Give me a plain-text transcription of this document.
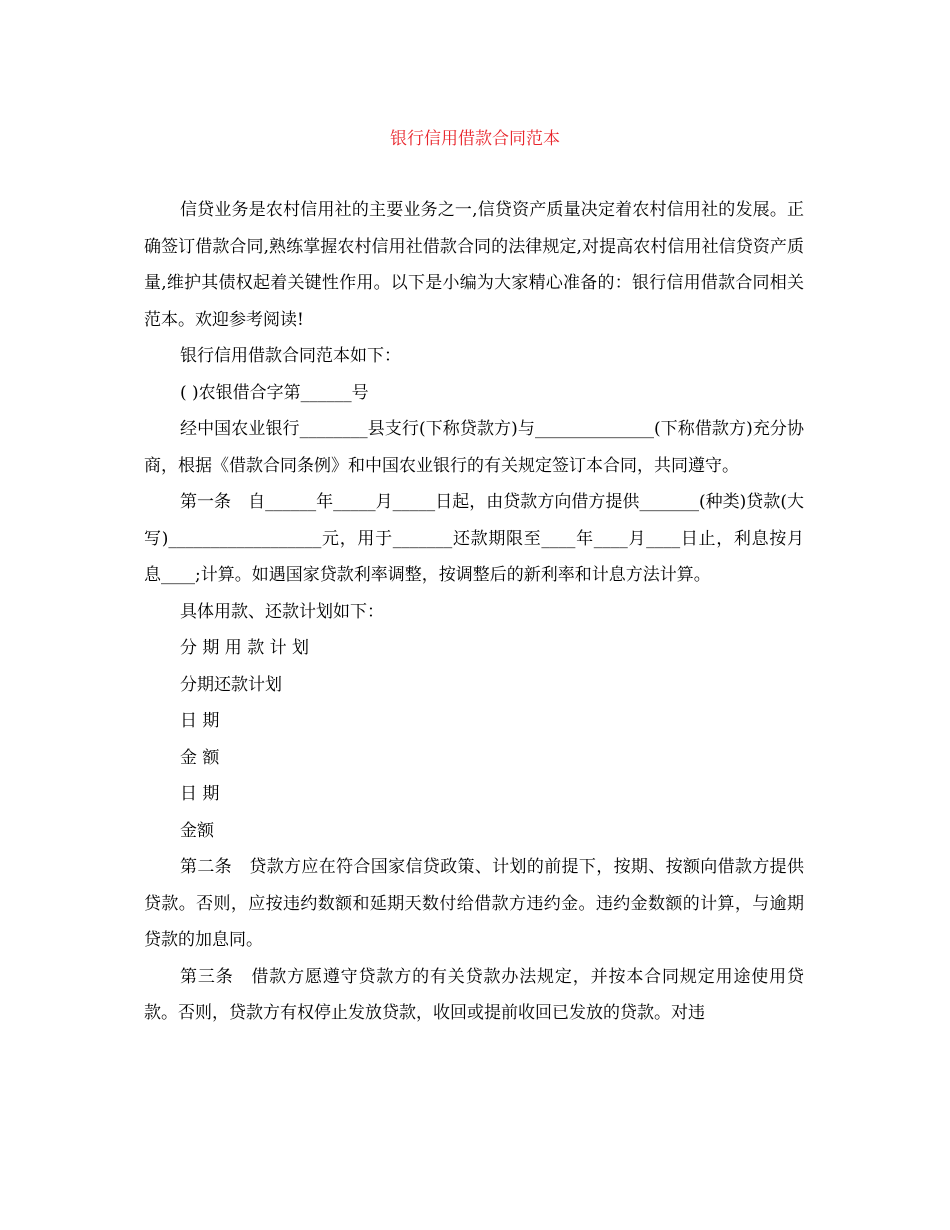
银行信用借款合同范本

信贷业务是农村信用社的主要业务之一,信贷资产质量决定着农村信用社的发展。正确签订借款合同,熟练掌握农村信用社借款合同的法律规定,对提高农村信用社信贷资产质量,维护其债权起着关键性作用。以下是小编为大家精心准备的：银行信用借款合同相关范本。欢迎参考阅读!

银行信用借款合同范本如下：

( )农银借合字第______号

经中国农业银行________县支行(下称贷款方)与______________(下称借款方)充分协商，根据《借款合同条例》和中国农业银行的有关规定签订本合同，共同遵守。

第一条　自______年_____月_____日起，由贷款方向借方提供_______(种类)贷款(大写)__________________元，用于_______还款期限至____年____月____日止，利息按月息____;计算。如遇国家贷款利率调整，按调整后的新利率和计息方法计算。

具体用款、还款计划如下：

分 期 用 款 计 划

分期还款计划

日 期

金 额

日 期

金额

第二条　贷款方应在符合国家信贷政策、计划的前提下，按期、按额向借款方提供贷款。否则，应按违约数额和延期天数付给借款方违约金。违约金数额的计算，与逾期贷款的加息同。

第三条　借款方愿遵守贷款方的有关贷款办法规定，并按本合同规定用途使用贷款。否则，贷款方有权停止发放贷款，收回或提前收回已发放的贷款。对违
